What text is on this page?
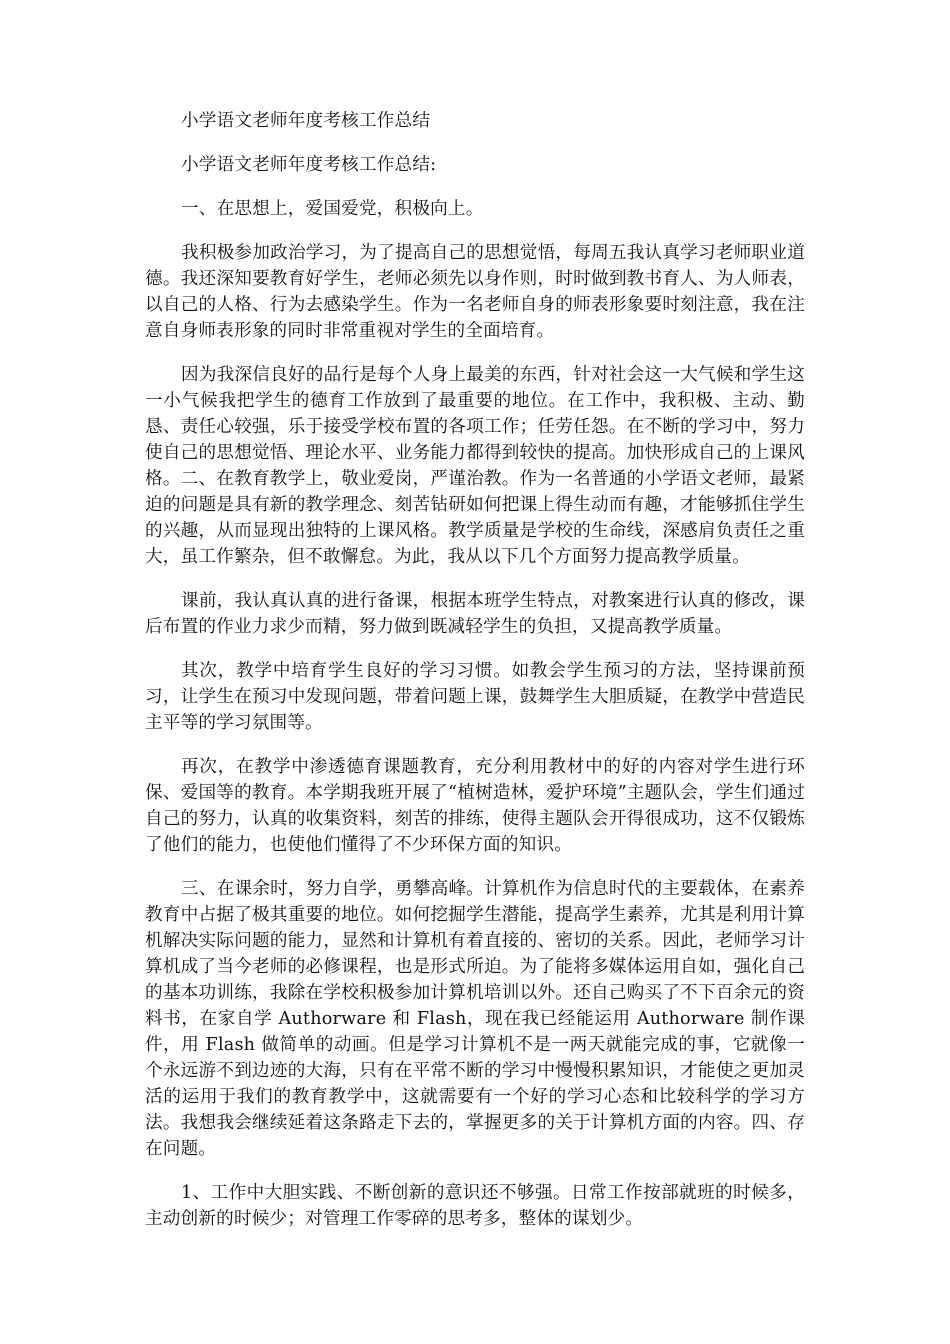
小学语文老师年度考核工作总结

小学语文老师年度考核工作总结:

一、在思想上，爱国爱党，积极向上。

我积极参加政治学习，为了提高自己的思想觉悟，每周五我认真学习老师职业道德。我还深知要教育好学生，老师必须先以身作则，时时做到教书育人、为人师表，以自己的人格、行为去感染学生。作为一名老师自身的师表形象要时刻注意，我在注意自身师表形象的同时非常重视对学生的全面培育。

因为我深信良好的品行是每个人身上最美的东西，针对社会这一大气候和学生这一小气候我把学生的德育工作放到了最重要的地位。在工作中，我积极、主动、勤恳、责任心较强，乐于接受学校布置的各项工作；任劳任怨。在不断的学习中，努力使自己的思想觉悟、理论水平、业务能力都得到较快的提高。加快形成自己的上课风格。二、在教育教学上，敬业爱岗，严谨治教。作为一名普通的小学语文老师，最紧迫的问题是具有新的教学理念、刻苦钻研如何把课上得生动而有趣，才能够抓住学生的兴趣，从而显现出独特的上课风格。教学质量是学校的生命线，深感肩负责任之重大，虽工作繁杂，但不敢懈怠。为此，我从以下几个方面努力提高教学质量。

课前，我认真认真的进行备课，根据本班学生特点，对教案进行认真的修改，课后布置的作业力求少而精，努力做到既减轻学生的负担，又提高教学质量。

其次，教学中培育学生良好的学习习惯。如教会学生预习的方法，坚持课前预习，让学生在预习中发现问题，带着问题上课，鼓舞学生大胆质疑，在教学中营造民主平等的学习氛围等。

再次，在教学中渗透德育课题教育，充分利用教材中的好的内容对学生进行环保、爱国等的教育。本学期我班开展了“植树造林，爱护环境”主题队会，学生们通过自己的努力，认真的收集资料，刻苦的排练，使得主题队会开得很成功，这不仅锻炼了他们的能力，也使他们懂得了不少环保方面的知识。

三、在课余时，努力自学，勇攀高峰。计算机作为信息时代的主要载体，在素养教育中占据了极其重要的地位。如何挖掘学生潜能，提高学生素养，尤其是利用计算机解决实际问题的能力，显然和计算机有着直接的、密切的关系。因此，老师学习计算机成了当今老师的必修课程，也是形式所迫。为了能将多媒体运用自如，强化自己的基本功训练，我除在学校积极参加计算机培训以外。还自己购买了不下百余元的资料书，在家自学 Authorware 和 Flash，现在我已经能运用 Authorware 制作课件，用 Flash 做简单的动画。但是学习计算机不是一两天就能完成的事，它就像一个永远游不到边迹的大海，只有在平常不断的学习中慢慢积累知识，才能使之更加灵活的运用于我们的教育教学中，这就需要有一个好的学习心态和比较科学的学习方法。我想我会继续延着这条路走下去的，掌握更多的关于计算机方面的内容。四、存在问题。

1、工作中大胆实践、不断创新的意识还不够强。日常工作按部就班的时候多，主动创新的时候少；对管理工作零碎的思考多，整体的谋划少。
